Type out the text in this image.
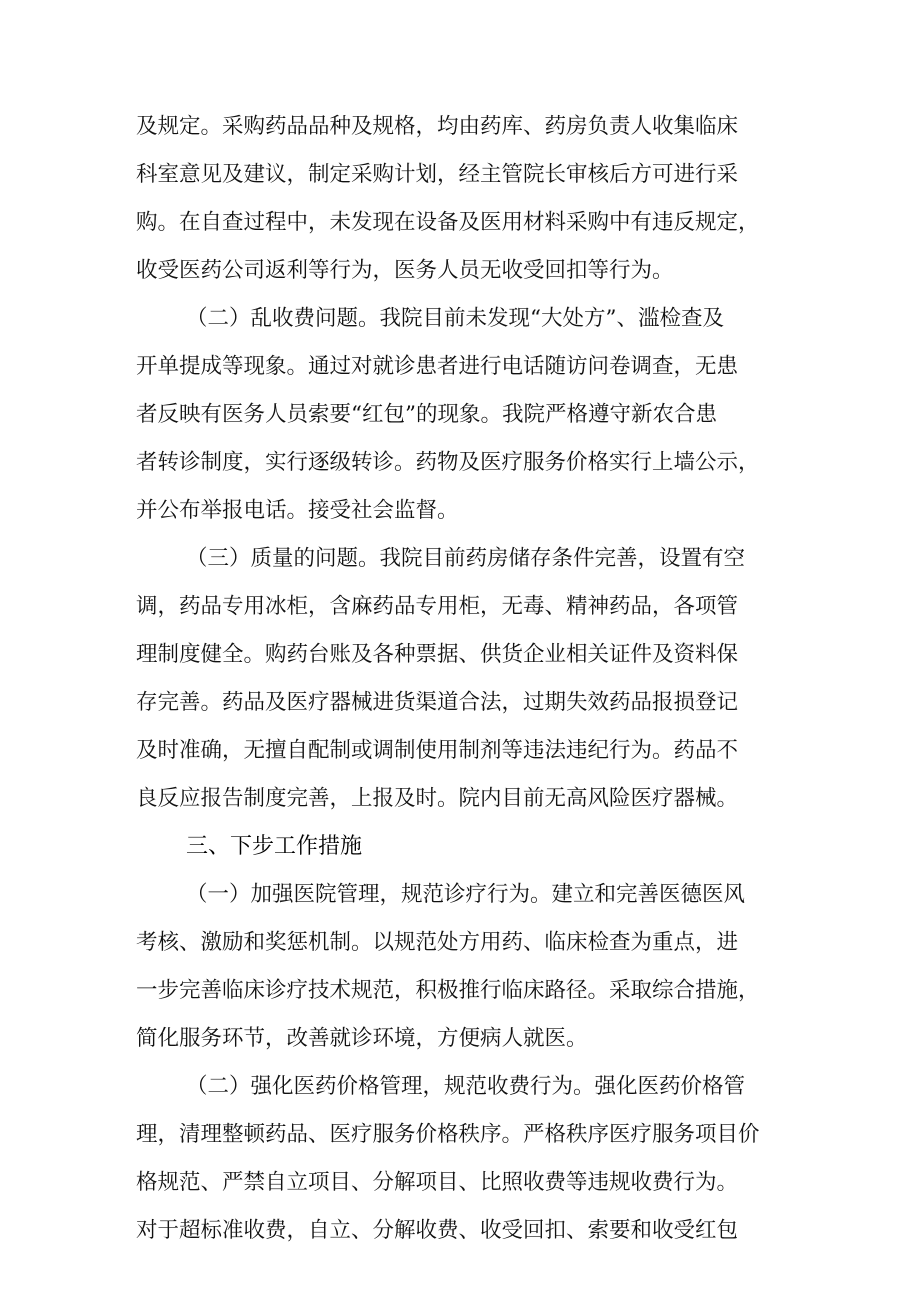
及规定。采购药品品种及规格，均由药库、药房负责人收集临床
科室意见及建议，制定采购计划，经主管院长审核后方可进行采
购。在自查过程中，未发现在设备及医用材料采购中有违反规定，
收受医药公司返利等行为，医务人员无收受回扣等行为。
（二）乱收费问题。我院目前未发现“大处方”、滥检查及
开单提成等现象。通过对就诊患者进行电话随访问卷调查，无患
者反映有医务人员索要“红包”的现象。我院严格遵守新农合患
者转诊制度，实行逐级转诊。药物及医疗服务价格实行上墙公示，
并公布举报电话。接受社会监督。
（三）质量的问题。我院目前药房储存条件完善，设置有空
调，药品专用冰柜，含麻药品专用柜，无毒、精神药品，各项管
理制度健全。购药台账及各种票据、供货企业相关证件及资料保
存完善。药品及医疗器械进货渠道合法，过期失效药品报损登记
及时准确，无擅自配制或调制使用制剂等违法违纪行为。药品不
良反应报告制度完善，上报及时。院内目前无高风险医疗器械。
三、下步工作措施
（一）加强医院管理，规范诊疗行为。建立和完善医德医风
考核、激励和奖惩机制。以规范处方用药、临床检查为重点，进
一步完善临床诊疗技术规范，积极推行临床路径。采取综合措施，
简化服务环节，改善就诊环境，方便病人就医。
（二）强化医药价格管理，规范收费行为。强化医药价格管
理，清理整顿药品、医疗服务价格秩序。严格秩序医疗服务项目价
格规范、严禁自立项目、分解项目、比照收费等违规收费行为。
对于超标准收费，自立、分解收费、收受回扣、索要和收受红包
